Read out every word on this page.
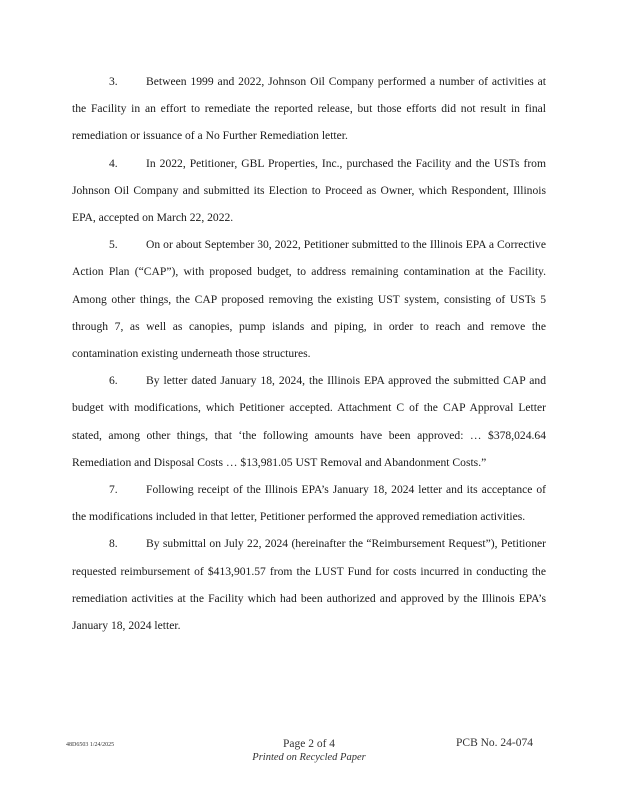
3. Between 1999 and 2022, Johnson Oil Company performed a number of activities at the Facility in an effort to remediate the reported release, but those efforts did not result in final remediation or issuance of a No Further Remediation letter.

4. In 2022, Petitioner, GBL Properties, Inc., purchased the Facility and the USTs from Johnson Oil Company and submitted its Election to Proceed as Owner, which Respondent, Illinois EPA, accepted on March 22, 2022.

5. On or about September 30, 2022, Petitioner submitted to the Illinois EPA a Corrective Action Plan (“CAP”), with proposed budget, to address remaining contamination at the Facility. Among other things, the CAP proposed removing the existing UST system, consisting of USTs 5 through 7, as well as canopies, pump islands and piping, in order to reach and remove the contamination existing underneath those structures.

6. By letter dated January 18, 2024, the Illinois EPA approved the submitted CAP and budget with modifications, which Petitioner accepted. Attachment C of the CAP Approval Letter stated, among other things, that ‘the following amounts have been approved: … $378,024.64 Remediation and Disposal Costs … $13,981.05 UST Removal and Abandonment Costs.”

7. Following receipt of the Illinois EPA’s January 18, 2024 letter and its acceptance of the modifications included in that letter, Petitioner performed the approved remediation activities.

8. By submittal on July 22, 2024 (hereinafter the “Reimbursement Request”), Petitioner requested reimbursement of $413,901.57 from the LUST Fund for costs incurred in conducting the remediation activities at the Facility which had been authorized and approved by the Illinois EPA’s January 18, 2024 letter.

48D6503 1/24/2025	Page 2 of 4
Printed on Recycled Paper
PCB No. 24-074
